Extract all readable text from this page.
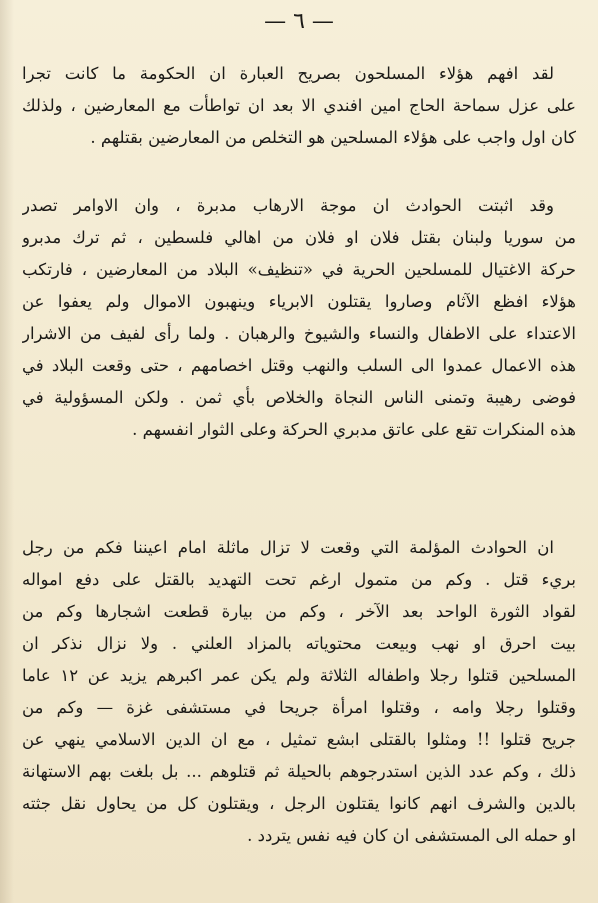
— ٦ —
لقد افهم هؤلاء المسلحون بصريح العبارة ان الحكومة ما كانت تجرا
على عزل سماحة الحاج امين افندي الا بعد ان تواطأت مع المعارضين ، ولذلك
كان اول واجب على هؤلاء المسلحين هو التخلص من المعارضين بقتلهم .
وقد اثبتت الحوادث ان موجة الارهاب مدبرة ، وان الاوامر تصدر
من سوريا ولبنان بقتل فلان او فلان من اهالي فلسطين ، ثم ترك مدبرو
حركة الاغتيال للمسلحين الحرية في «تنظيف» البلاد من المعارضين ، فارتكب
هؤلاء افظع الآثام وصاروا يقتلون الابرياء وينهبون الاموال ولم يعفوا عن
الاعتداء على الاطفال والنساء والشيوخ والرهبان . ولما رأى لفيف من الاشرار
هذه الاعمال عمدوا الى السلب والنهب وقتل اخصامهم ، حتى وقعت البلاد في
فوضى رهيبة وتمنى الناس النجاة والخلاص بأي ثمن . ولكن المسؤولية في
هذه المنكرات تقع على عاتق مدبري الحركة وعلى الثوار انفسهم .
ان الحوادث المؤلمة التي وقعت لا تزال ماثلة امام اعيننا فكم من رجل
بريء قتل . وكم من متمول ارغم تحت التهديد بالقتل على دفع امواله
لقواد الثورة الواحد بعد الآخر ، وكم من بيارة قطعت اشجارها وكم من
بيت احرق او نهب وبيعت محتوياته بالمزاد العلني . ولا نزال نذكر ان
المسلحين قتلوا رجلا واطفاله الثلاثة ولم يكن عمر اكبرهم يزيد عن ١٢ عاما
وقتلوا رجلا وامه ، وقتلوا امرأة جريحا في مستشفى غزة — وكم من
جريح قتلوا !! ومثلوا بالقتلى ابشع تمثيل ، مع ان الدين الاسلامي ينهي عن
ذلك ، وكم عدد الذين استدرجوهم بالحيلة ثم قتلوهم ... بل بلغت بهم الاستهانة
بالدين والشرف انهم كانوا يقتلون الرجل ، ويقتلون كل من يحاول نقل جثته
او حمله الى المستشفى ان كان فيه نفس يتردد .
